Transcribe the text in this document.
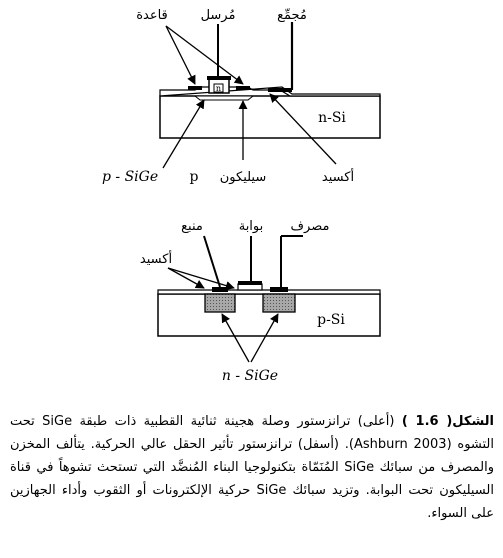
n
مُجمِّع
مُرسل
قاعدة
n-Si
p - SiGe p سيليكون	أكسيد
بوابة
منبع	مصرف
أكسيد
p-Si
n - SiGe
الشكل( 1.6 ) (أعلى) ترانزستور وصلة هجينة ثنائية القطبية ذات طبقة SiGe تحت التشوه (Ashburn 2003). (أسفل) ترانزستور تأثير الحقل عالي الحركية. يتألف المخزن والمصرف من سبائك SiGe المُنَمّاة بتكنولوجيا البناء المُنضَّد التي تستحث تشوهاً في قناة السيليكون تحت البوابة. وتزيد سبائك SiGe حركية الإلكترونات أو الثقوب وأداء الجهازين على السواء.
